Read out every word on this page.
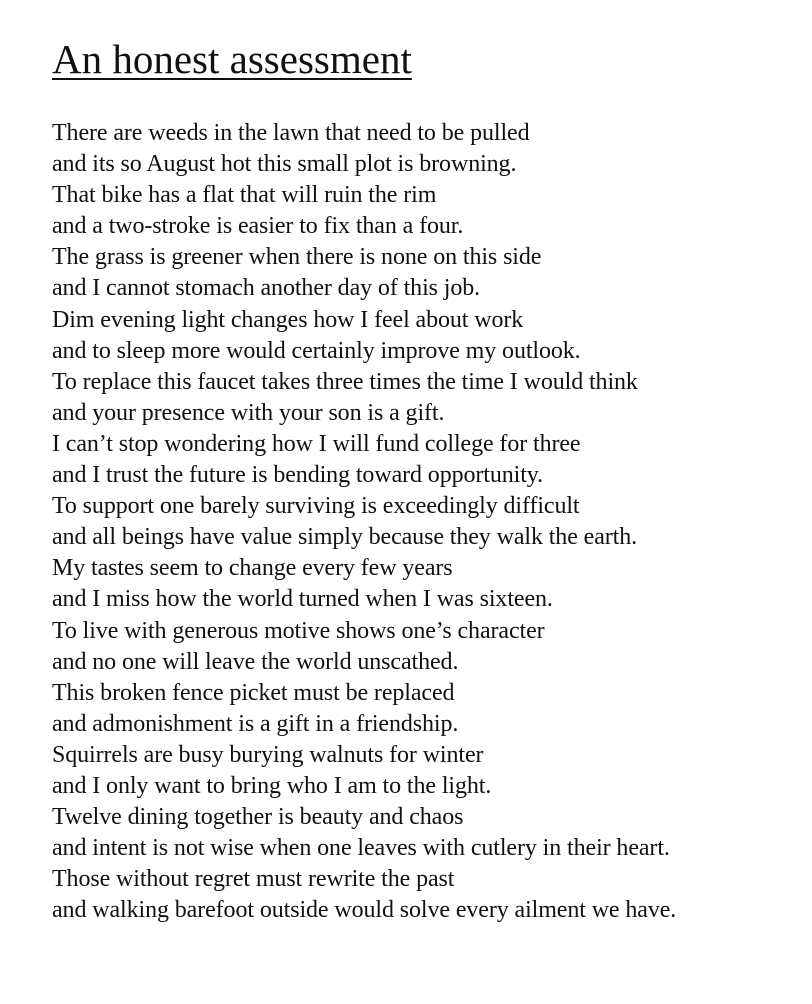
An honest assessment
There are weeds in the lawn that need to be pulled
and its so August hot this small plot is browning.
That bike has a flat that will ruin the rim
and a two-stroke is easier to fix than a four.
The grass is greener when there is none on this side
and I cannot stomach another day of this job.
Dim evening light changes how I feel about work
and to sleep more would certainly improve my outlook.
To replace this faucet takes three times the time I would think
and your presence with your son is a gift.
I can’t stop wondering how I will fund college for three
and I trust the future is bending toward opportunity.
To support one barely surviving is exceedingly difficult
and all beings have value simply because they walk the earth.
My tastes seem to change every few years
and I miss how the world turned when I was sixteen.
To live with generous motive shows one’s character
and no one will leave the world unscathed.
This broken fence picket must be replaced
and admonishment is a gift in a friendship.
Squirrels are busy burying walnuts for winter
and I only want to bring who I am to the light.
Twelve dining together is beauty and chaos
and intent is not wise when one leaves with cutlery in their heart.
Those without regret must rewrite the past
and walking barefoot outside would solve every ailment we have.
